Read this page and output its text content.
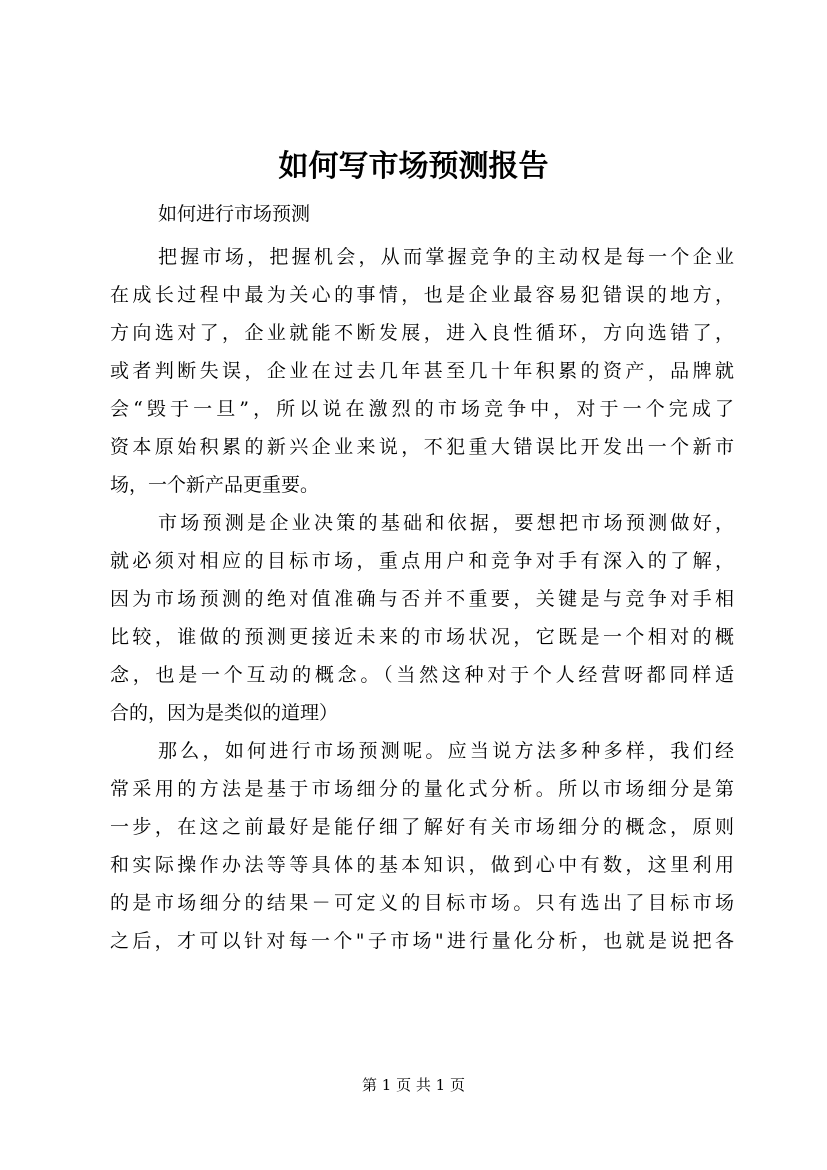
如何写市场预测报告

如何进行市场预测

把握市场，把握机会，从而掌握竞争的主动权是每一个企业
在成长过程中最为关心的事情，也是企业最容易犯错误的地方，
方向选对了，企业就能不断发展，进入良性循环，方向选错了，
或者判断失误，企业在过去几年甚至几十年积累的资产，品牌就
会“毁于一旦”，所以说在激烈的市场竞争中，对于一个完成了
资本原始积累的新兴企业来说，不犯重大错误比开发出一个新市
场，一个新产品更重要。

市场预测是企业决策的基础和依据，要想把市场预测做好，
就必须对相应的目标市场，重点用户和竞争对手有深入的了解，
因为市场预测的绝对值准确与否并不重要，关键是与竞争对手相
比较，谁做的预测更接近未来的市场状况，它既是一个相对的概
念，也是一个互动的概念。（当然这种对于个人经营呀都同样适
合的，因为是类似的道理）

那么，如何进行市场预测呢。应当说方法多种多样，我们经
常采用的方法是基于市场细分的量化式分析。所以市场细分是第
一步，在这之前最好是能仔细了解好有关市场细分的概念，原则
和实际操作办法等等具体的基本知识，做到心中有数，这里利用
的是市场细分的结果－可定义的目标市场。只有选出了目标市场
之后，才可以针对每一个"子市场"进行量化分析，也就是说把各

第 1 页 共 1 页
